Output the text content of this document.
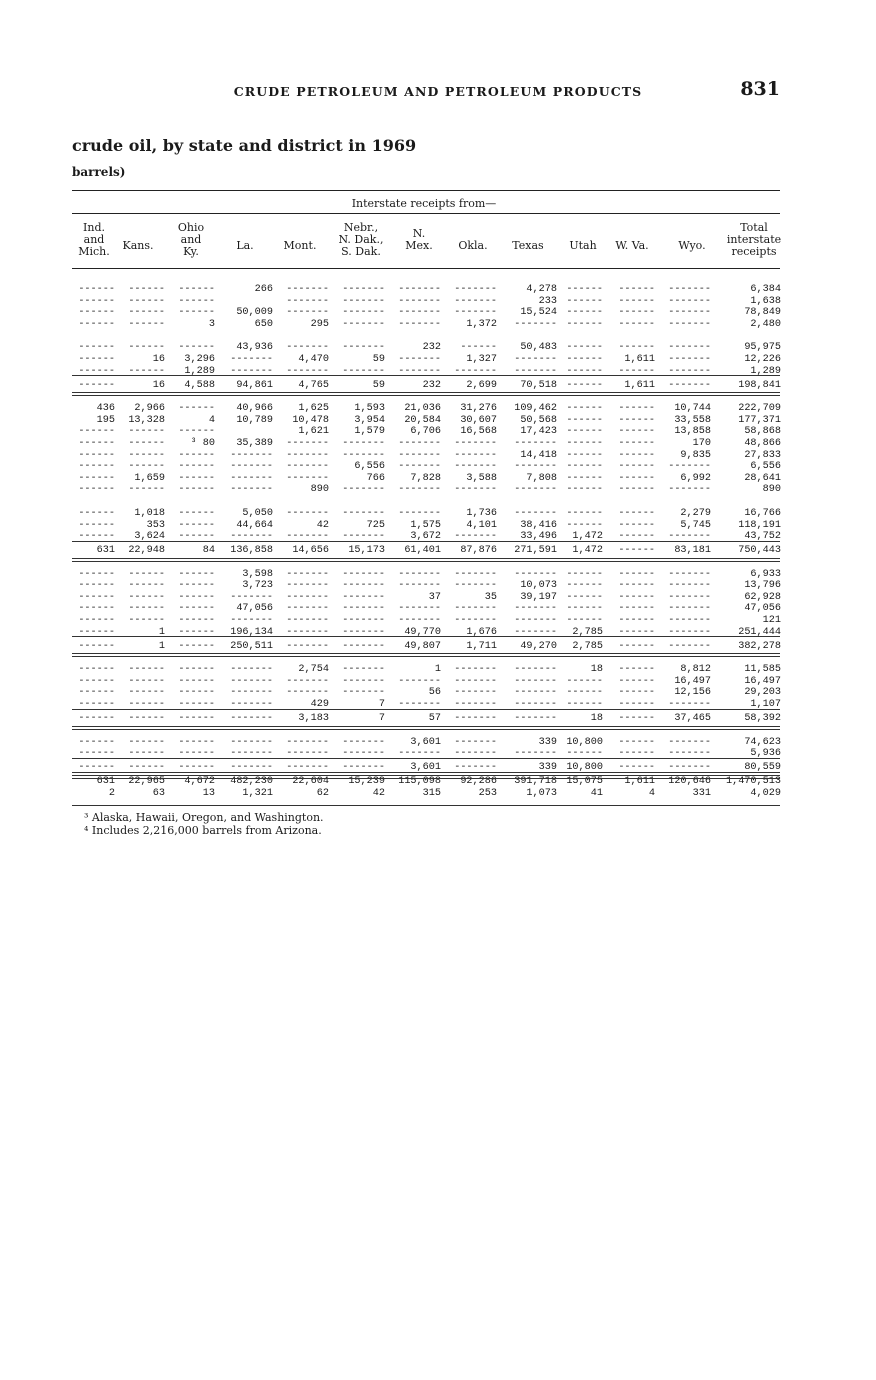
CRUDE PETROLEUM AND PETROLEUM PRODUCTS	831
crude oil, by state and district in 1969
barrels)
Interstate receipts from—
Ind.
and
Mich.	Kans.
Ohio
and
Ky.	La.	Mont.
Nebr.,
N. Dak.,
S. Dak.
N.
Mex.	Okla.	Texas	Utah	W. Va.	Wyo.
Total
interstate
receipts
------	------	------	266	-------	-------	-------	-------	4,278	------	------	-------	6,384
------	------	------		-------	-------	-------	-------	233	------	------	-------	1,638
------	------	------	50,009	-------	-------	-------	-------	15,524	------	------	-------	78,849
------	------	3	650	295	-------	-------	1,372	-------	------	------	-------	2,480

------	------	------	43,936	-------	-------	232	------	50,483	------	------	-------	95,975
------	16	3,296	-------	4,470	59	-------	1,327	-------	------	1,611	-------	12,226
------	------	1,289	-------	-------	-------	-------	-------	-------	------	------	-------	1,289
------	16	4,588	94,861	4,765	59	232	2,699	70,518	------	1,611	-------	198,841

436	2,966	------	40,966	1,625	1,593	21,036	31,276	109,462	------	------	10,744	222,709
195	13,328	4	10,789	10,478	3,954	20,584	30,607	50,568	------	------	33,558	177,371
------	------	------		1,621	1,579	6,706	16,568	17,423	------	------	13,858	58,868
------	------	³ 80	35,389	-------	-------	-------	-------	-------	------	------	170	48,866
------	------	------	-------	-------	-------	-------	-------	14,418	------	------	9,835	27,833
------	------	------	-------	-------	6,556	-------	-------	-------	------	------	-------	6,556
------	1,659	------	-------	-------	766	7,828	3,588	7,808	------	------	6,992	28,641
------	------	------	-------	890	-------	-------	-------	-------	------	------	-------	890

------	1,018	------	5,050	-------	-------	-------	1,736	-------	------	------	2,279	16,766
------	353	------	44,664	42	725	1,575	4,101	38,416	------	------	5,745	118,191
------	3,624	------	-------	-------	-------	3,672	-------	33,496	1,472	------	-------	43,752
631	22,948	84	136,858	14,656	15,173	61,401	87,876	271,591	1,472	------	83,181	750,443

------	------	------	3,598	-------	-------	-------	-------	-------	------	------	-------	6,933
------	------	------	3,723	-------	-------	-------	-------	10,073	------	------	-------	13,796
------	------	------	-------	-------	-------	37	35	39,197	------	------	-------	62,928
------	------	------	47,056	-------	-------	-------	-------	-------	------	------	-------	47,056
------	------	------	-------	-------	-------	-------	-------	-------	------	------	-------	121
------	1	------	196,134	-------	-------	49,770	1,676	-------	2,785	------	-------	251,444
------	1	------	250,511	-------	-------	49,807	1,711	49,270	2,785	------	-------	382,278

------	------	------	-------	2,754	-------	1	-------	-------	18	------	8,812	11,585
------	------	------	-------	-------	-------	-------	-------	-------	------	------	16,497	16,497
------	------	------	-------	-------	-------	56	-------	-------	------	------	12,156	29,203
------	------	------	-------	429	7	-------	-------	-------	------	------	-------	1,107
------	------	------	-------	3,183	7	57	-------	-------	18	------	37,465	58,392

------	------	------	-------	-------	-------	3,601	-------	339	10,800	------	-------	74,623
------	------	------	-------	-------	-------	-------	-------	-------	------	------	-------	5,936
------	------	------	-------	-------	-------	3,601	-------	339	10,800	------	-------	80,559
631	22,965	4,672	482,230	22,604	15,239	115,098	92,286	391,718	15,075	1,611	120,646	1,470,513
2	63	13	1,321	62	42	315	253	1,073	41	4	331	4,029
³ Alaska, Hawaii, Oregon, and Washington.
⁴ Includes 2,216,000 barrels from Arizona.
